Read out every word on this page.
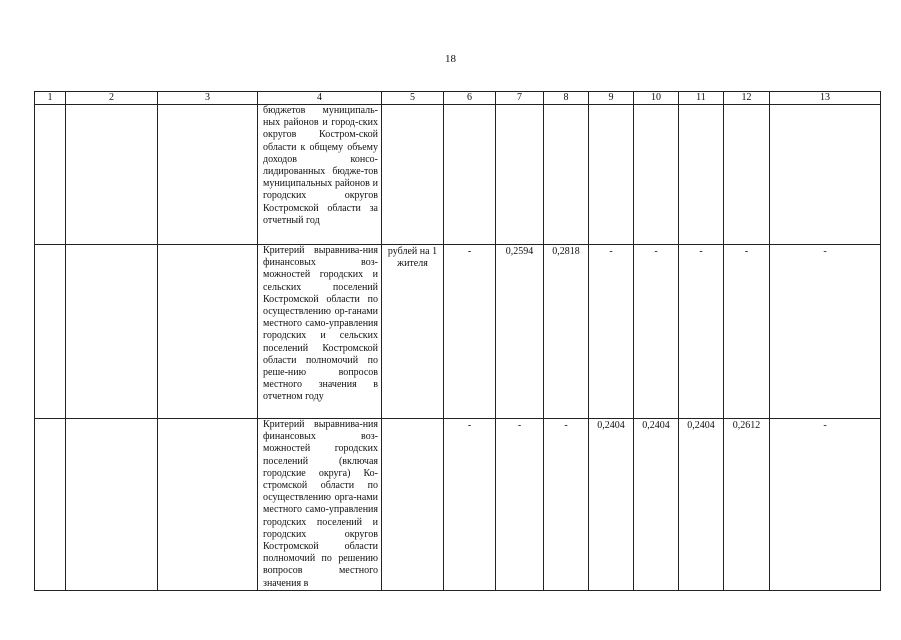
18
1	2	3	4	5	6	7	8	9	10	11	12	13

			бюджетов муниципаль-ных районов и город-ских округов Костром-ской области к общему объему доходов консо-лидированных бюдже-тов муниципальных районов и городских округов Костромской области за отчетный год									

			Критерий выравнива-ния финансовых воз-можностей городских и сельских поселений Костромской области по осуществлению ор-ганами местного само-управления городских и сельских поселений Костромской области полномочий по реше-нию вопросов местного значения в отчетном году	рублей на 1 жителя	-	0,2594	0,2818	-	-	-	-	-

			Критерий выравнива-ния финансовых воз-можностей городских поселений (включая городские округа) Ко-стромской области по осуществлению орга-нами местного само-управления городских поселений и городских округов Костромской области полномочий по решению вопросов местного значения в		-	-	-	0,2404	0,2404	0,2404	0,2612	-
